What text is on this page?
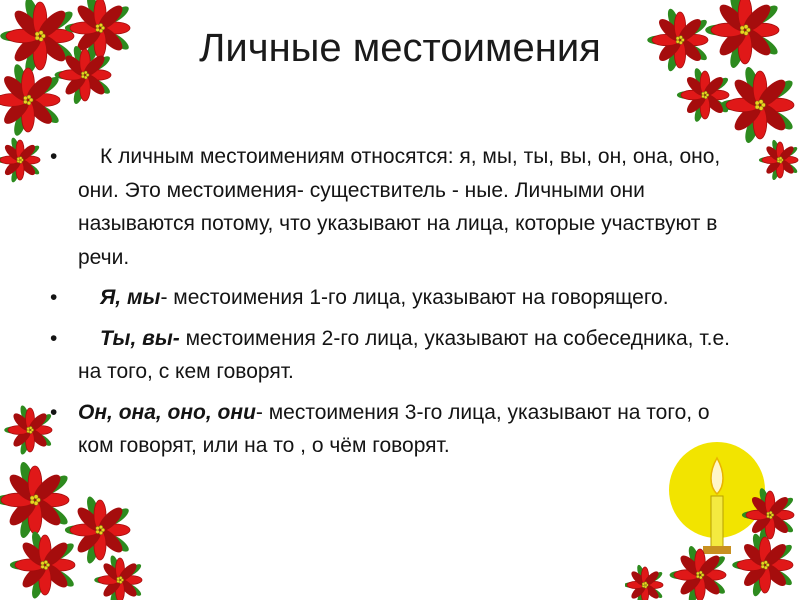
Личные местоимения
• К личным местоимениям относятся: я, мы, ты, вы, он, она, оно, они. Это местоимения- существитель - ные. Личными они называются потому, что указывают на лица, которые участвуют в речи.
• Я, мы- местоимения 1-го лица, указывают на говорящего.
• Ты, вы- местоимения 2-го лица, указывают на собеседника, т.е. на того, с кем говорят.
• Он, она, оно, они- местоимения 3-го лица, указывают на того, о ком говорят, или на то , о чём говорят.
